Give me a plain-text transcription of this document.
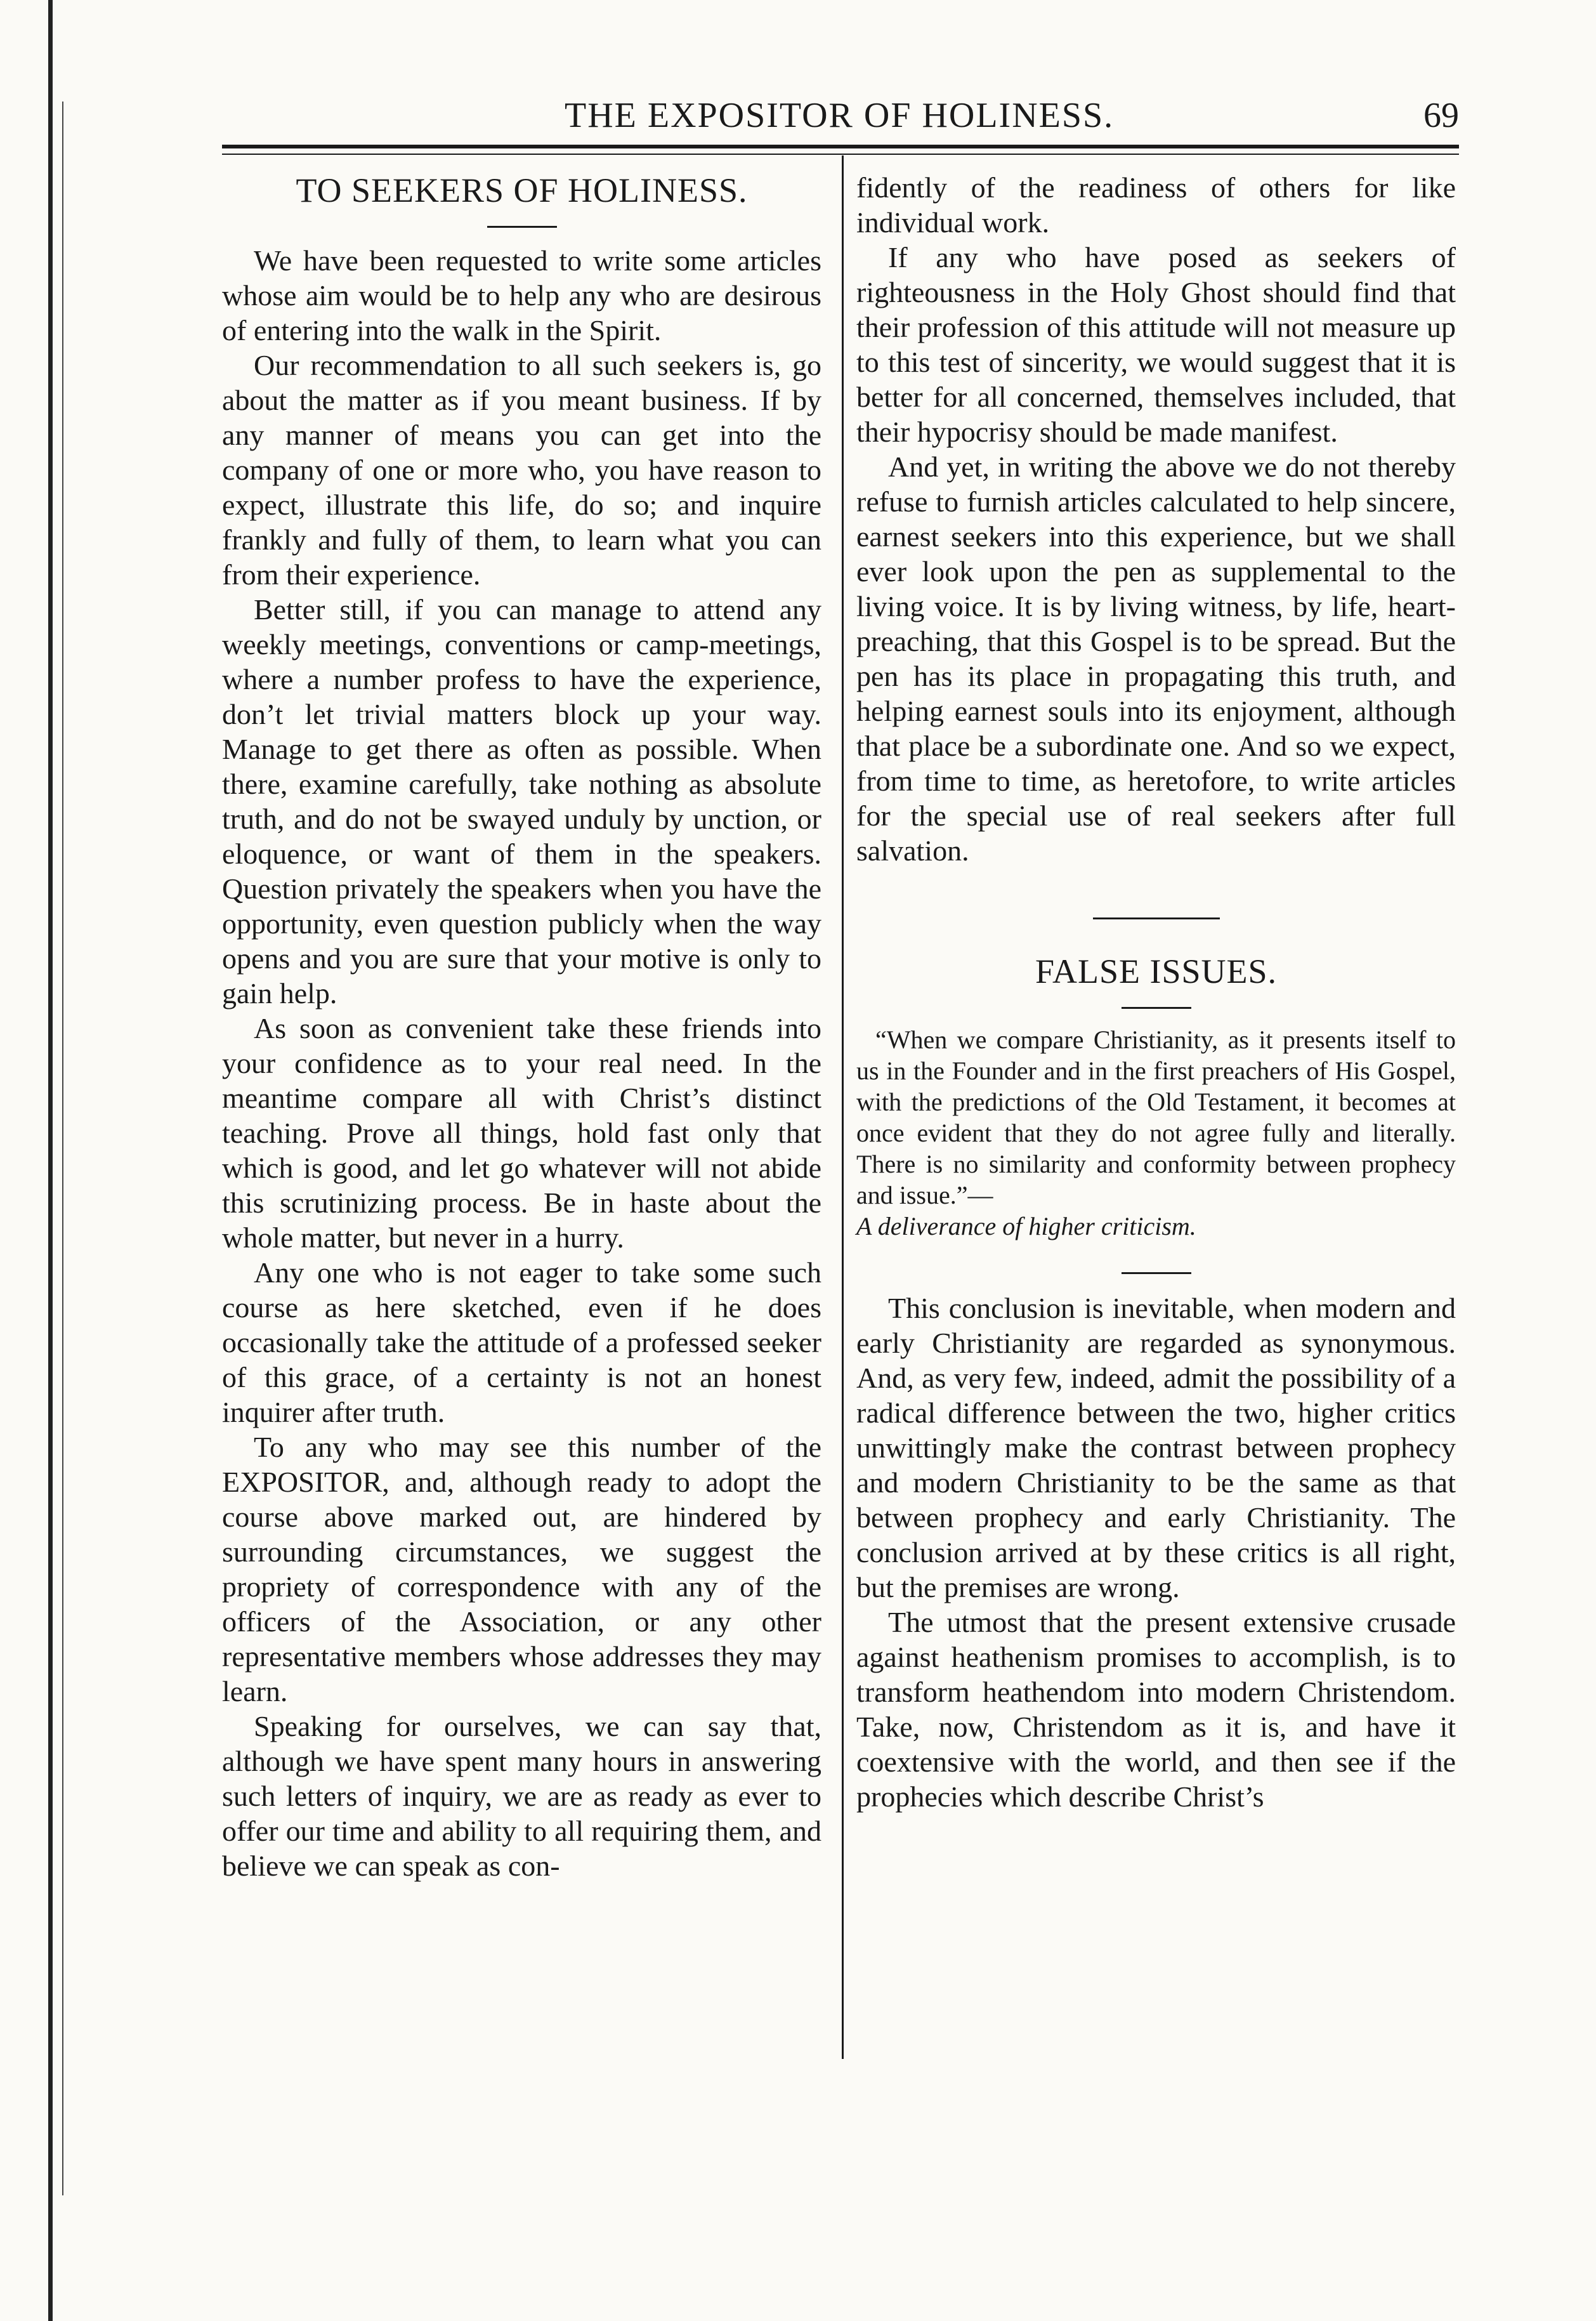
THE EXPOSITOR OF HOLINESS.	69
TO SEEKERS OF HOLINESS.

We have been requested to write some articles whose aim would be to help any who are desirous of entering into the walk in the Spirit.

Our recommendation to all such seekers is, go about the matter as if you meant business. If by any manner of means you can get into the company of one or more who, you have reason to expect, illustrate this life, do so; and inquire frankly and fully of them, to learn what you can from their experience.

Better still, if you can manage to attend any weekly meetings, conventions or camp-meetings, where a number profess to have the experience, don’t let trivial matters block up your way. Manage to get there as often as possible. When there, examine carefully, take nothing as absolute truth, and do not be swayed unduly by unction, or eloquence, or want of them in the speakers. Question privately the speakers when you have the opportunity, even question publicly when the way opens and you are sure that your motive is only to gain help.

As soon as convenient take these friends into your confidence as to your real need. In the meantime compare all with Christ’s distinct teaching. Prove all things, hold fast only that which is good, and let go whatever will not abide this scrutinizing process. Be in haste about the whole matter, but never in a hurry.

Any one who is not eager to take some such course as here sketched, even if he does occasionally take the attitude of a professed seeker of this grace, of a certainty is not an honest inquirer after truth.

To any who may see this number of the EXPOSITOR, and, although ready to adopt the course above marked out, are hindered by surrounding circumstances, we suggest the propriety of correspondence with any of the officers of the Association, or any other representative members whose addresses they may learn.

Speaking for ourselves, we can say that, although we have spent many hours in answering such letters of inquiry, we are as ready as ever to offer our time and ability to all requiring them, and believe we can speak as con-

fidently of the readiness of others for like individual work.

If any who have posed as seekers of righteousness in the Holy Ghost should find that their profession of this attitude will not measure up to this test of sincerity, we would suggest that it is better for all concerned, themselves included, that their hypocrisy should be made manifest.

And yet, in writing the above we do not thereby refuse to furnish articles calculated to help sincere, earnest seekers into this experience, but we shall ever look upon the pen as supplemental to the living voice. It is by living witness, by life, heart-preaching, that this Gospel is to be spread. But the pen has its place in propagating this truth, and helping earnest souls into its enjoyment, although that place be a subordinate one. And so we expect, from time to time, as heretofore, to write articles for the special use of real seekers after full salvation.

FALSE ISSUES.

“When we compare Christianity, as it presents itself to us in the Founder and in the first preachers of His Gospel, with the predictions of the Old Testament, it becomes at once evident that they do not agree fully and literally. There is no similarity and conformity between prophecy and issue.”—

A deliverance of higher criticism.

This conclusion is inevitable, when modern and early Christianity are regarded as synonymous. And, as very few, indeed, admit the possibility of a radical difference between the two, higher critics unwittingly make the contrast between prophecy and modern Christianity to be the same as that between prophecy and early Christianity. The conclusion arrived at by these critics is all right, but the premises are wrong.

The utmost that the present extensive crusade against heathenism promises to accomplish, is to transform heathendom into modern Christendom. Take, now, Christendom as it is, and have it coextensive with the world, and then see if the prophecies which describe Christ’s
